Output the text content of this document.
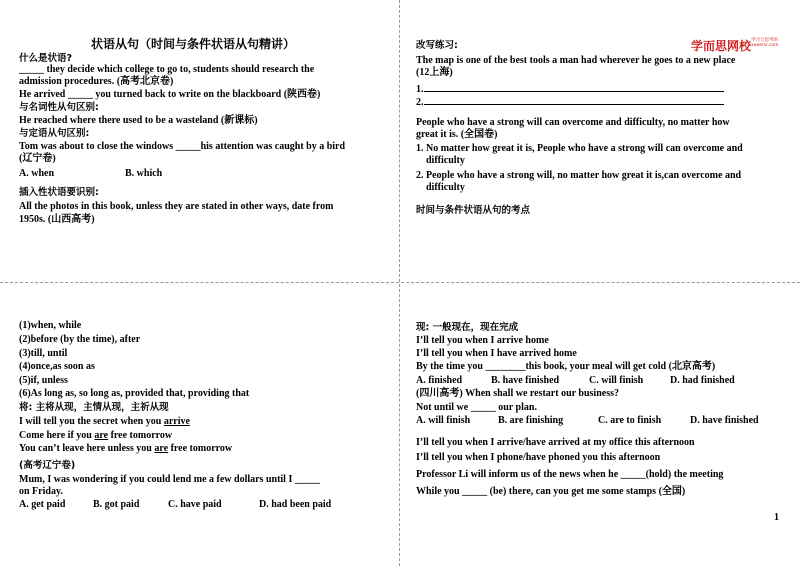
状语从句（时间与条件状语从句精讲）
什么是状语?
_____ they decide which college to go to, students should research the
admission procedures. (高考北京卷)
He arrived _____ you turned back to write on the blackboard (陕西卷)
与名词性从句区别:
He reached where there used to be a wasteland (新课标)
与定语从句区别:
Tom was about to close the windows _____his attention was caught by a bird
(辽宁卷)
A. when	B. which
插入性状语要识别:
All the photos in this book, unless they are stated in other ways, date from
1950s. (山西高考)
改写练习:	学而思网校 学习与思考的 xueersi.com
The map is one of the best tools a man had wherever he goes to a new place
(12上海)
1.
2.
People who have a strong will can overcome and difficulty, no matter how
great it is. (全国卷)
1. No matter how great it is, People who have a strong will can overcome and
difficulty
2. People who have a strong will, no matter how great it is,can overcome and
difficulty
时间与条件状语从句的考点
(1)when, while
(2)before (by the time), after
(3)till, until
(4)once,as soon as
(5)if, unless
(6)As long as, so long as, provided that, providing that
将: 主将从现，主情从现，主祈从现
I will tell you the secret when you arrive
Come here if you are free tomorrow
You can’t leave here unless you are free tomorrow
(高考辽宁卷)
Mum, I was wondering if you could lend me a few dollars until I _____
on Friday.
A. get paid	B. got paid	C. have paid	D. had been paid
现: 一般现在，现在完成
I’ll tell you when I arrive home
I’ll tell you when I have arrived home
By the time you ________this book, your meal will get cold (北京高考)
A. finished	B. have finished	C. will finish	D. had finished
(四川高考) When shall we restart our business?
Not until we _____ our plan.
A. will finish	B. are finishing	C. are to finish	D. have finished
I’ll tell you when I arrive/have arrived at my office this afternoon
I’ll tell you when I phone/have phoned you this afternoon
Professor Li will inform us of the news when he _____(hold) the meeting
While you _____ (be) there, can you get me some stamps (全国)
1
